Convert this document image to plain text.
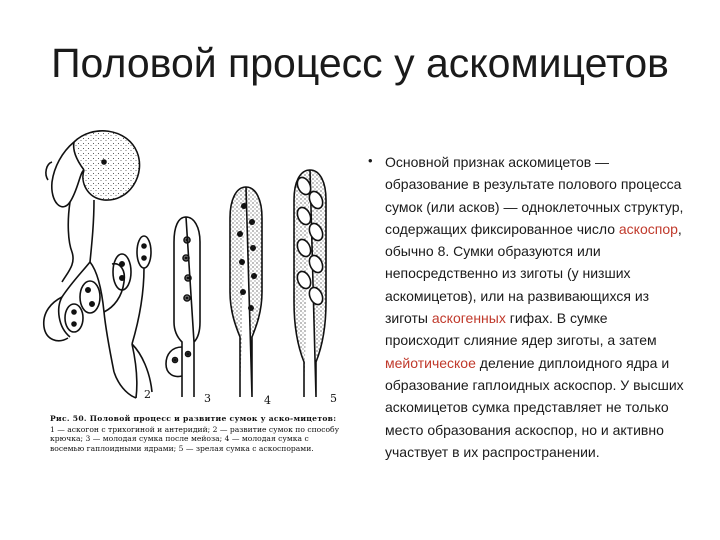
Половой процесс у аскомицетов
2	3	4	5
Рис. 50. Половой процесс и развитие сумок у аско-мицетов:
1 — аскогон с трихогиной и антеридий; 2 — развитие сумок по способу крючка; 3 — молодая сумка после мейоза; 4 — молодая сумка с восемью гаплоидными ядрами; 5 — зрелая сумка с аскоспорами.
• Основной признак аскомицетов — образование в результате полового процесса сумок (или асков) — одноклеточных структур, содержащих фиксированное число аскоспор, обычно 8. Сумки образуются или непосредственно из зиготы (у низших аскомицетов), или на развивающихся из зиготы аскогенных гифах. В сумке происходит слияние ядер зиготы, а затем мейотическое деление диплоидного ядра и образование гаплоидных аскоспор. У высших аскомицетов сумка представляет не только место образования аскоспор, но и активно участвует в их распространении.
